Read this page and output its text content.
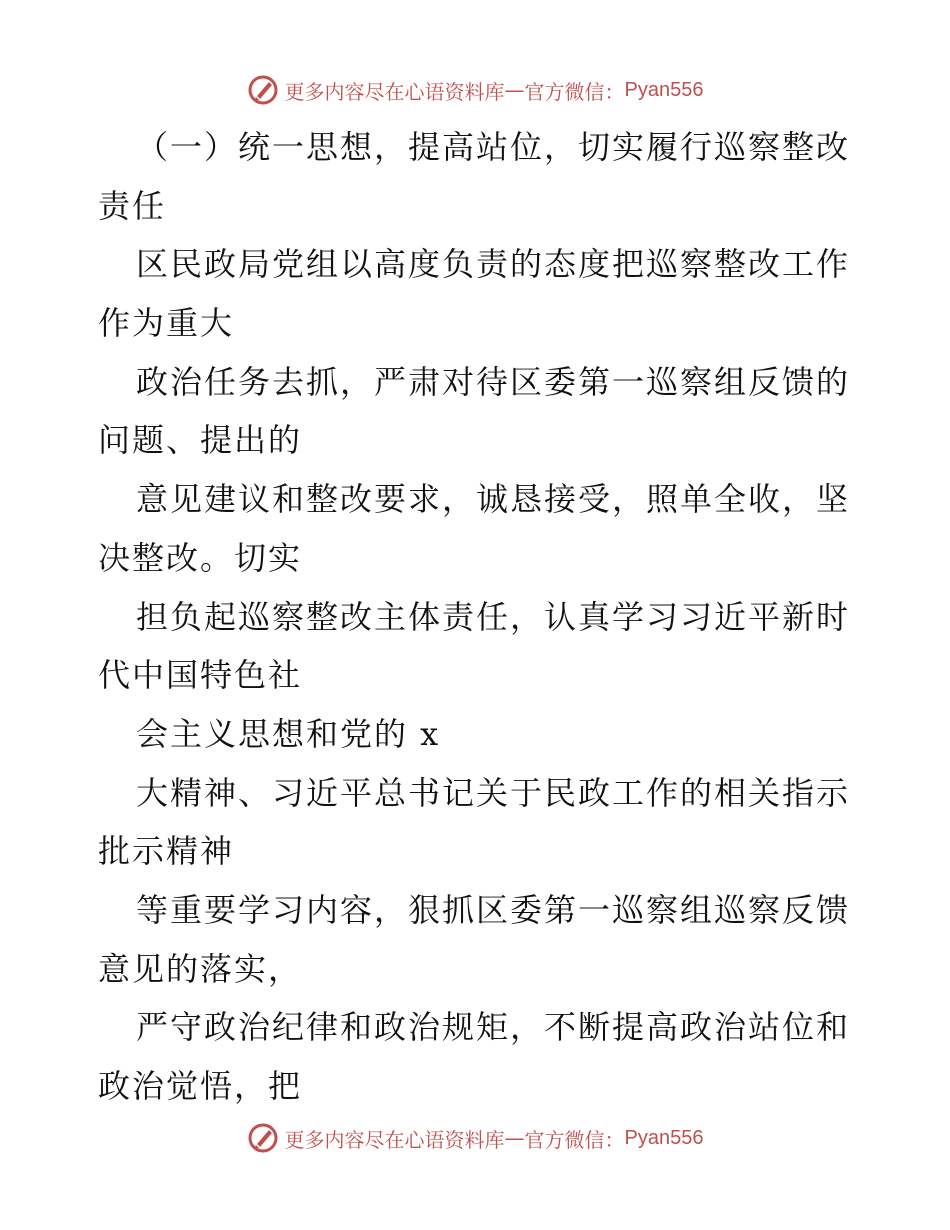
更多内容尽在心语资料库 — 官方微信： Pyan556
（一）统一思想，提高站位，切实履行巡察整改
责任
区民政局党组以高度负责的态度把巡察整改工作
作为重大
政治任务去抓，严肃对待区委第一巡察组反馈的
问题、提出的
意见建议和整改要求，诚恳接受，照单全收，坚
决整改。切实
担负起巡察整改主体责任，认真学习习近平新时
代中国特色社
会主义思想和党的 x
大精神、习近平总书记关于民政工作的相关指示
批示精神
等重要学习内容，狠抓区委第一巡察组巡察反馈
意见的落实，
严守政治纪律和政治规矩，不断提高政治站位和
政治觉悟，把
更多内容尽在心语资料库 — 官方微信： Pyan556
